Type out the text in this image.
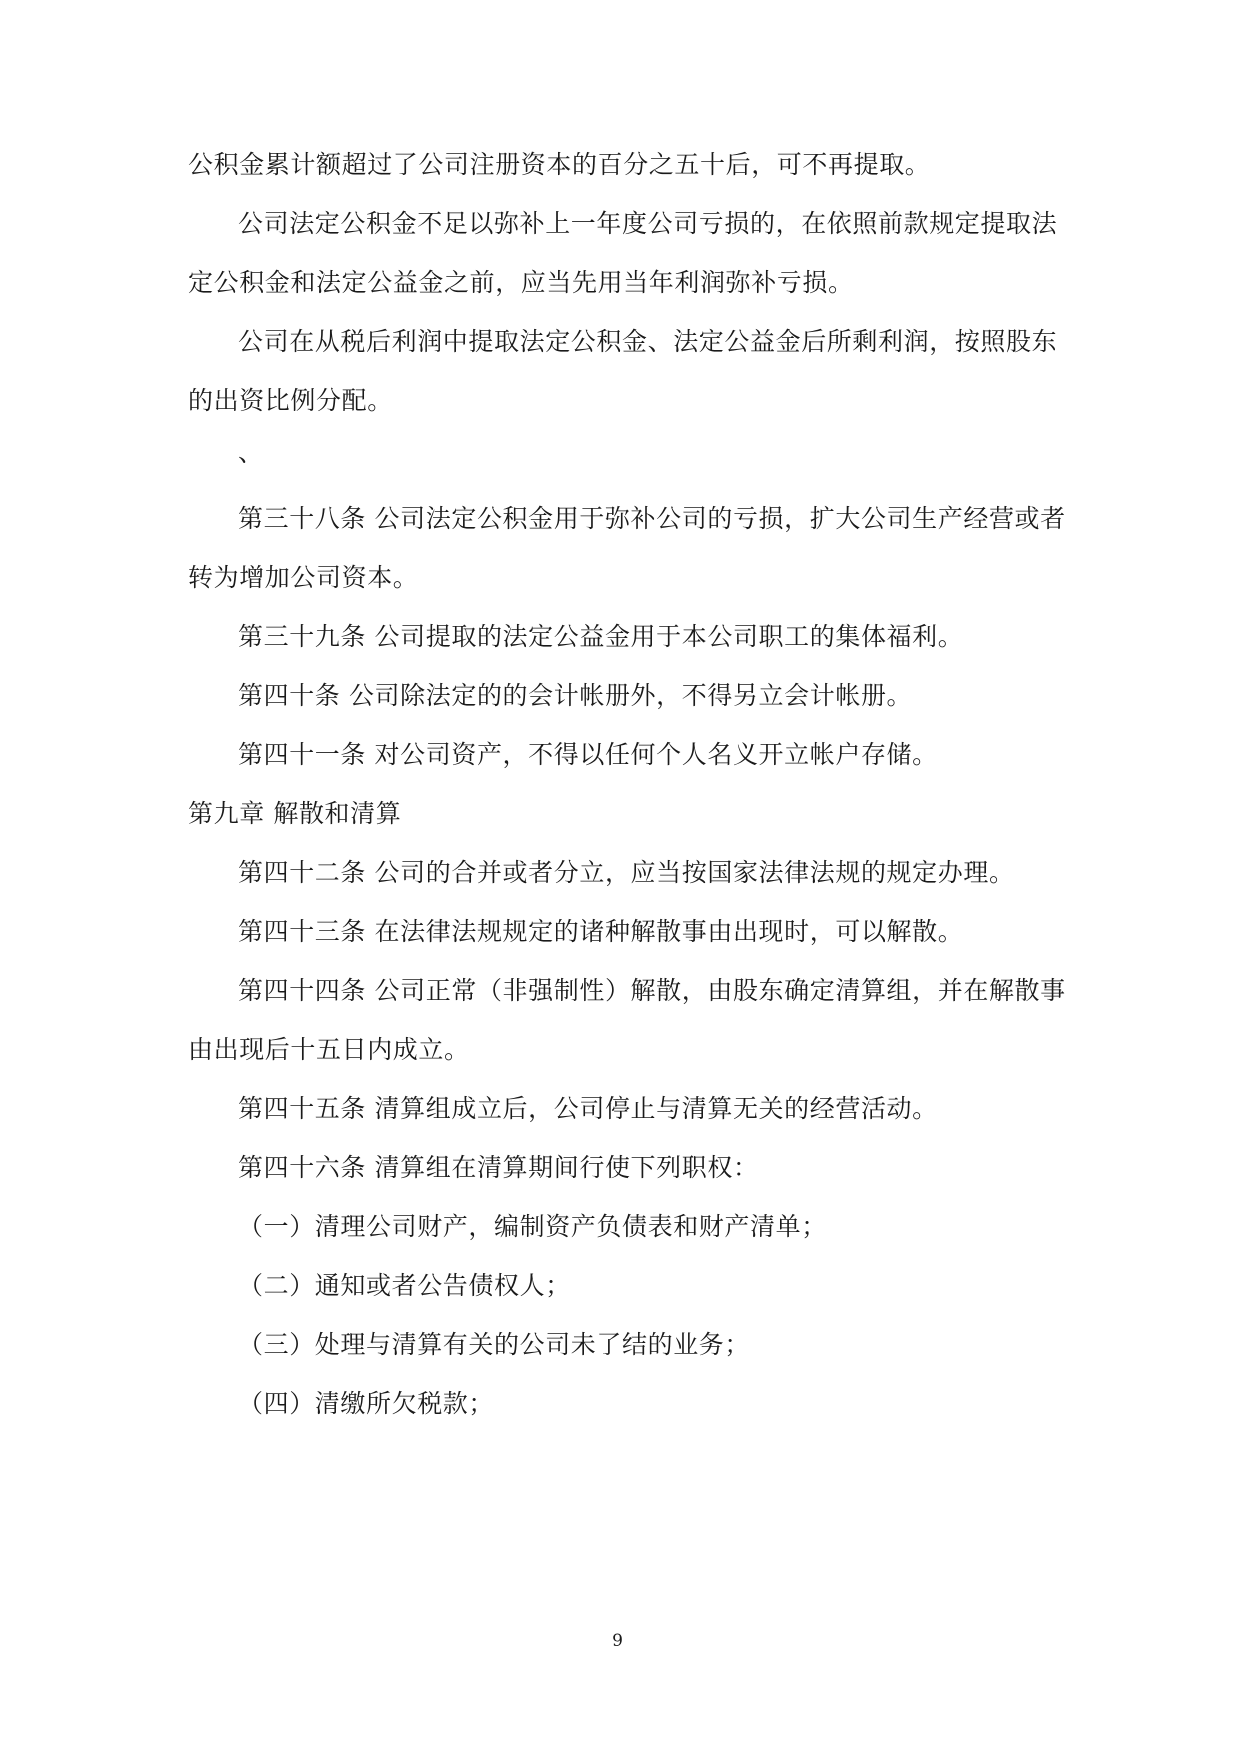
公积金累计额超过了公司注册资本的百分之五十后，可不再提取。
公司法定公积金不足以弥补上一年度公司亏损的，在依照前款规定提取法
定公积金和法定公益金之前，应当先用当年利润弥补亏损。
公司在从税后利润中提取法定公积金、法定公益金后所剩利润，按照股东
的出资比例分配。
、
第三十八条 公司法定公积金用于弥补公司的亏损，扩大公司生产经营或者
转为增加公司资本。
第三十九条 公司提取的法定公益金用于本公司职工的集体福利。
第四十条 公司除法定的的会计帐册外，不得另立会计帐册。
第四十一条 对公司资产，不得以任何个人名义开立帐户存储。
第九章 解散和清算
第四十二条 公司的合并或者分立，应当按国家法律法规的规定办理。
第四十三条 在法律法规规定的诸种解散事由出现时，可以解散。
第四十四条 公司正常（非强制性）解散，由股东确定清算组，并在解散事
由出现后十五日内成立。
第四十五条 清算组成立后，公司停止与清算无关的经营活动。
第四十六条 清算组在清算期间行使下列职权：
（一）清理公司财产，编制资产负债表和财产清单；
（二）通知或者公告债权人；
（三）处理与清算有关的公司未了结的业务；
（四）清缴所欠税款；
9
